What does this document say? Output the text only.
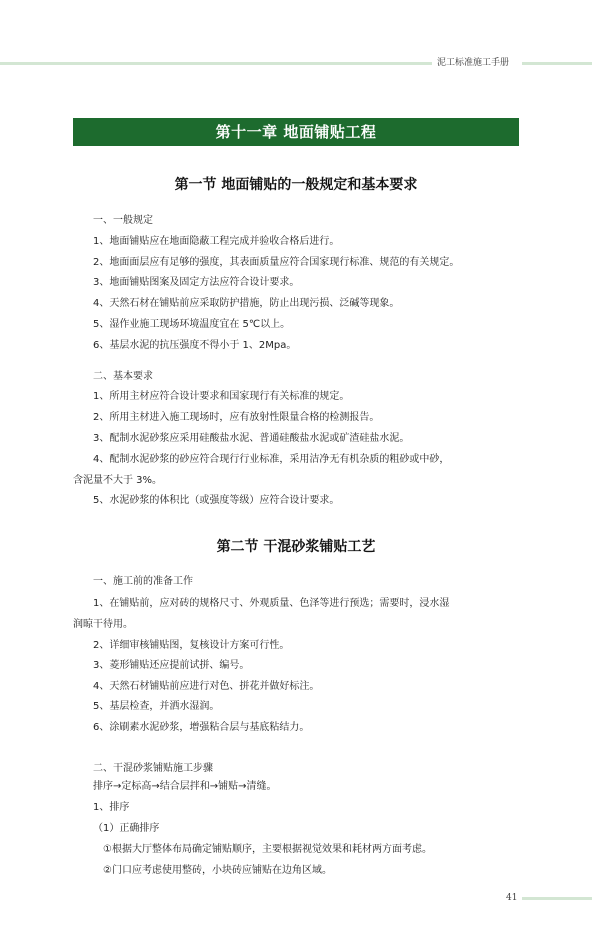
泥工标准施工手册
第十一章 地面铺贴工程
第一节 地面铺贴的一般规定和基本要求
一、一般规定
1、地面铺贴应在地面隐蔽工程完成并验收合格后进行。
2、地面面层应有足够的强度，其表面质量应符合国家现行标准、规范的有关规定。
3、地面铺贴图案及固定方法应符合设计要求。
4、天然石材在铺贴前应采取防护措施，防止出现污损、泛碱等现象。
5、湿作业施工现场环境温度宜在 5℃以上。
6、基层水泥的抗压强度不得小于 1、2Mpa。
二、基本要求
1、所用主材应符合设计要求和国家现行有关标准的规定。
2、所用主材进入施工现场时，应有放射性限量合格的检测报告。
3、配制水泥砂浆应采用硅酸盐水泥、普通硅酸盐水泥或矿渣硅盐水泥。
4、配制水泥砂浆的砂应符合现行行业标准，采用洁净无有机杂质的粗砂或中砂，
含泥量不大于 3%。
5、水泥砂浆的体积比（或强度等级）应符合设计要求。
第二节 干混砂浆铺贴工艺
一、施工前的准备工作
1、在铺贴前，应对砖的规格尺寸、外观质量、色泽等进行预选；需要时，浸水湿
润晾干待用。
2、详细审核铺贴图，复核设计方案可行性。
3、菱形铺贴还应提前试拼、编号。
4、天然石材铺贴前应进行对色、拼花并做好标注。
5、基层检查，并洒水湿润。
6、涂刷素水泥砂浆，增强粘合层与基底粘结力。
二、干混砂浆铺贴施工步骤
排序→定标高→结合层拌和→铺贴→清缝。
1、排序
（1）正确排序
①根据大厅整体布局确定铺贴顺序，主要根据视觉效果和耗材两方面考虑。
②门口应考虑使用整砖，小块砖应铺贴在边角区域。
41
